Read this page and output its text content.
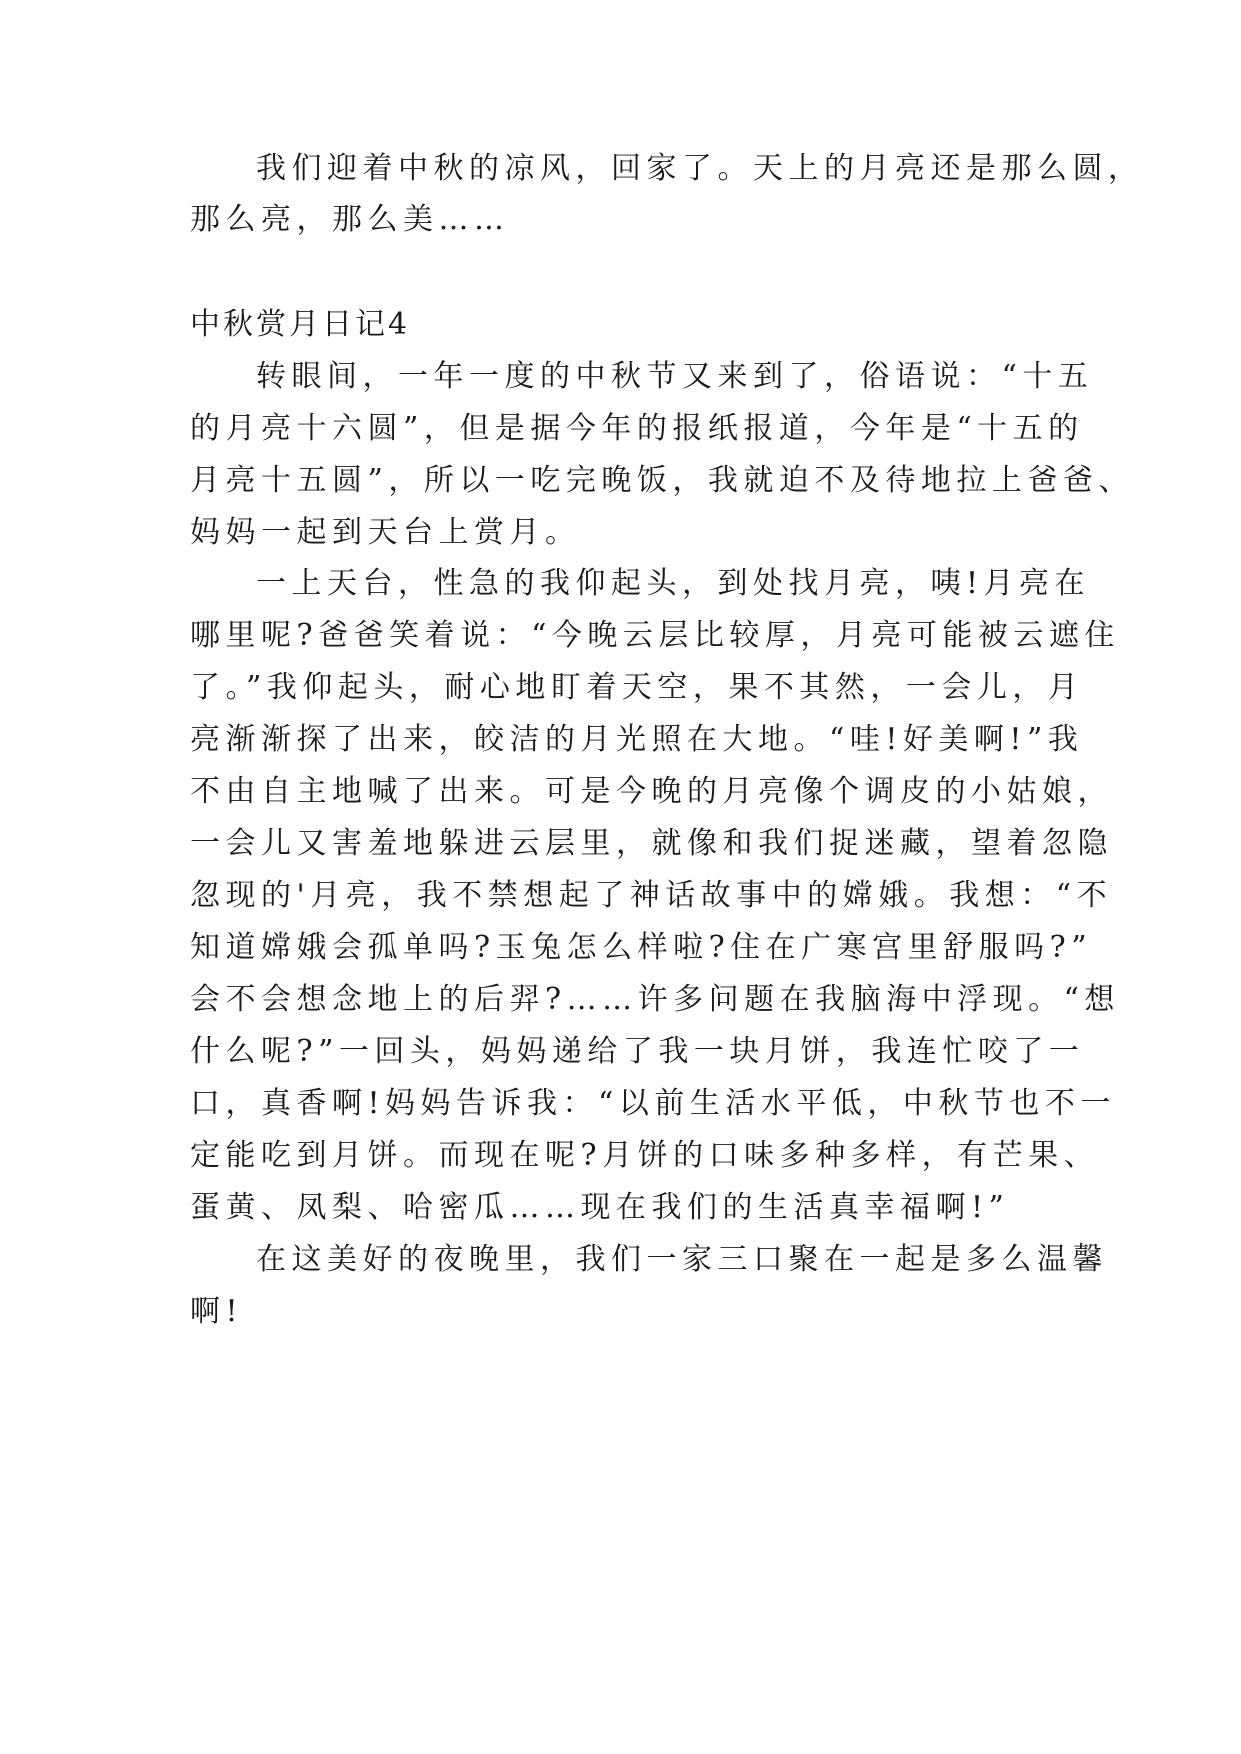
我们迎着中秋的凉风，回家了。天上的月亮还是那么圆，

那么亮，那么美……

中秋赏月日记4

转眼间，一年一度的中秋节又来到了，俗语说：“十五

的月亮十六圆”，但是据今年的报纸报道，今年是“十五的

月亮十五圆”，所以一吃完晚饭，我就迫不及待地拉上爸爸、

妈妈一起到天台上赏月。

一上天台，性急的我仰起头，到处找月亮，咦!月亮在

哪里呢?爸爸笑着说：“今晚云层比较厚，月亮可能被云遮住

了。”我仰起头，耐心地盯着天空，果不其然，一会儿，月

亮渐渐探了出来，皎洁的月光照在大地。“哇!好美啊!”我

不由自主地喊了出来。可是今晚的月亮像个调皮的小姑娘，

一会儿又害羞地躲进云层里，就像和我们捉迷藏，望着忽隐

忽现的'月亮，我不禁想起了神话故事中的嫦娥。我想：“不

知道嫦娥会孤单吗?玉兔怎么样啦?住在广寒宫里舒服吗?”

会不会想念地上的后羿?……许多问题在我脑海中浮现。“想

什么呢?”一回头，妈妈递给了我一块月饼，我连忙咬了一

口，真香啊!妈妈告诉我：“以前生活水平低，中秋节也不一

定能吃到月饼。而现在呢?月饼的口味多种多样，有芒果、

蛋黄、凤梨、哈密瓜……现在我们的生活真幸福啊!”

在这美好的夜晚里，我们一家三口聚在一起是多么温馨

啊!
